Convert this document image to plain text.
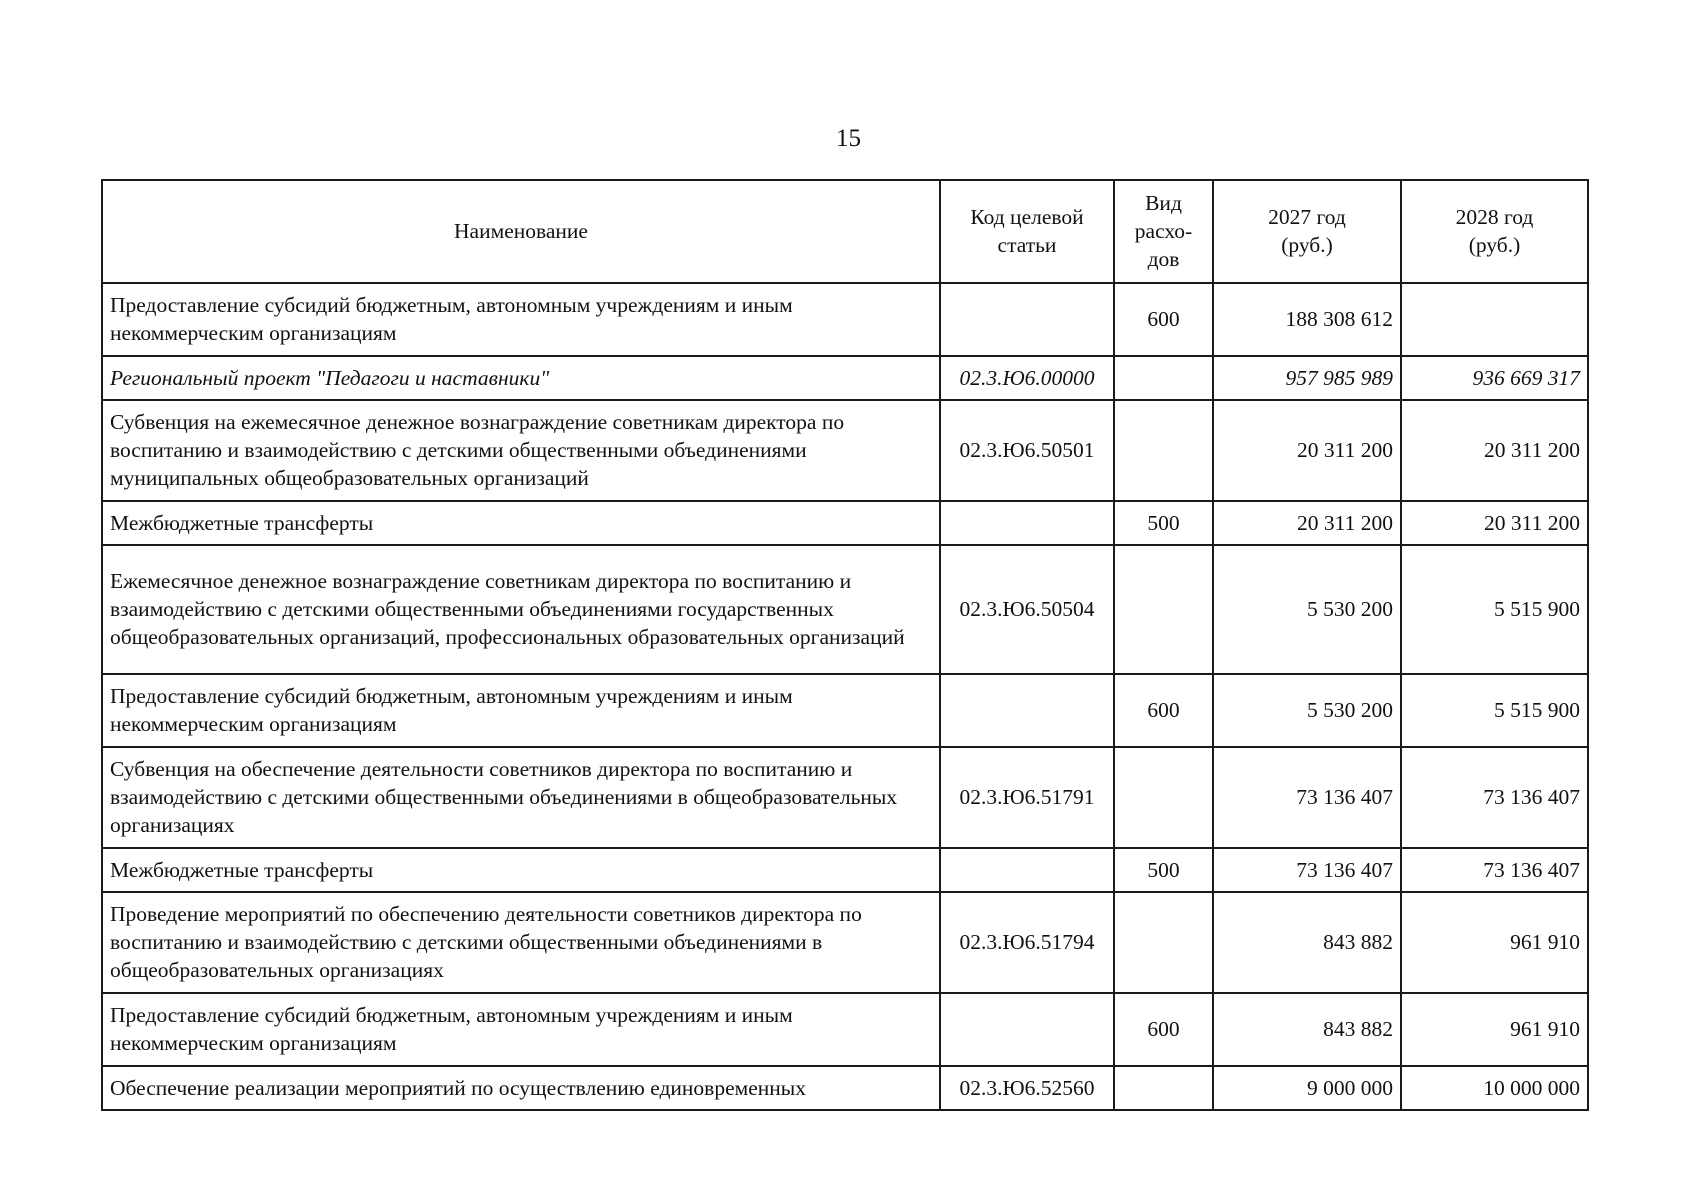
15
Наименование	Код целевой статьи	Вид расхо-дов	2027 год (руб.)	2028 год (руб.)
Предоставление субсидий бюджетным, автономным учреждениям и иным некоммерческим организациям		600	188 308 612	
Региональный проект "Педагоги и наставники"	02.3.Ю6.00000		957 985 989	936 669 317
Субвенция на ежемесячное денежное вознаграждение советникам директора по воспитанию и взаимодействию с детскими общественными объединениями муниципальных общеобразовательных организаций	02.3.Ю6.50501		20 311 200	20 311 200
Межбюджетные трансферты		500	20 311 200	20 311 200
Ежемесячное денежное вознаграждение советникам директора по воспитанию и взаимодействию с детскими общественными объединениями государственных общеобразовательных организаций, профессиональных образовательных организаций	02.3.Ю6.50504		5 530 200	5 515 900
Предоставление субсидий бюджетным, автономным учреждениям и иным некоммерческим организациям		600	5 530 200	5 515 900
Субвенция на обеспечение деятельности советников директора по воспитанию и взаимодействию с детскими общественными объединениями в общеобразовательных организациях	02.3.Ю6.51791		73 136 407	73 136 407
Межбюджетные трансферты		500	73 136 407	73 136 407
Проведение мероприятий по обеспечению деятельности советников директора по воспитанию и взаимодействию с детскими общественными объединениями в общеобразовательных организациях	02.3.Ю6.51794		843 882	961 910
Предоставление субсидий бюджетным, автономным учреждениям и иным некоммерческим организациям		600	843 882	961 910
Обеспечение реализации мероприятий по осуществлению единовременных	02.3.Ю6.52560		9 000 000	10 000 000
